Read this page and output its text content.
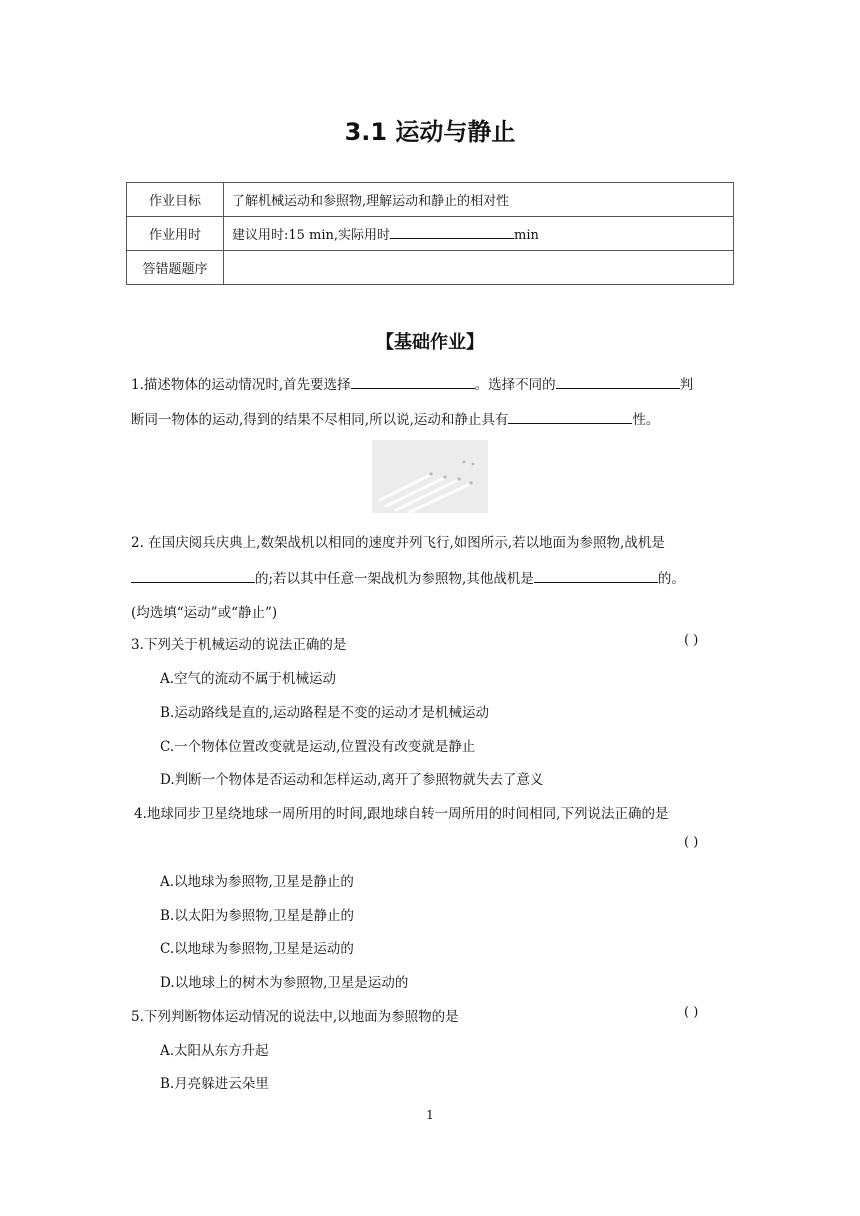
3.1 运动与静止
作业目标	了解机械运动和参照物,理解运动和静止的相对性
作业用时	建议用时:15 min,实际用时 min
答错题题序	
【基础作业】
1.描述物体的运动情况时,首先要选择	。选择不同的	判
断同一物体的运动,得到的结果不尽相同,所以说,运动和静止具有	性。
2. 在国庆阅兵庆典上,数架战机以相同的速度并列飞行,如图所示,若以地面为参照物,战机是
的;若以其中任意一架战机为参照物,其他战机是	的。
(均选填“运动”或“静止”)
3.下列关于机械运动的说法正确的是	( )
A.空气的流动不属于机械运动
B.运动路线是直的,运动路程是不变的运动才是机械运动
C.一个物体位置改变就是运动,位置没有改变就是静止
D.判断一个物体是否运动和怎样运动,离开了参照物就失去了意义
4.地球同步卫星绕地球一周所用的时间,跟地球自转一周所用的时间相同,下列说法正确的是
( )
A.以地球为参照物,卫星是静止的
B.以太阳为参照物,卫星是静止的
C.以地球为参照物,卫星是运动的
D.以地球上的树木为参照物,卫星是运动的
5.下列判断物体运动情况的说法中,以地面为参照物的是	( )
A.太阳从东方升起
B.月亮躲进云朵里
1
